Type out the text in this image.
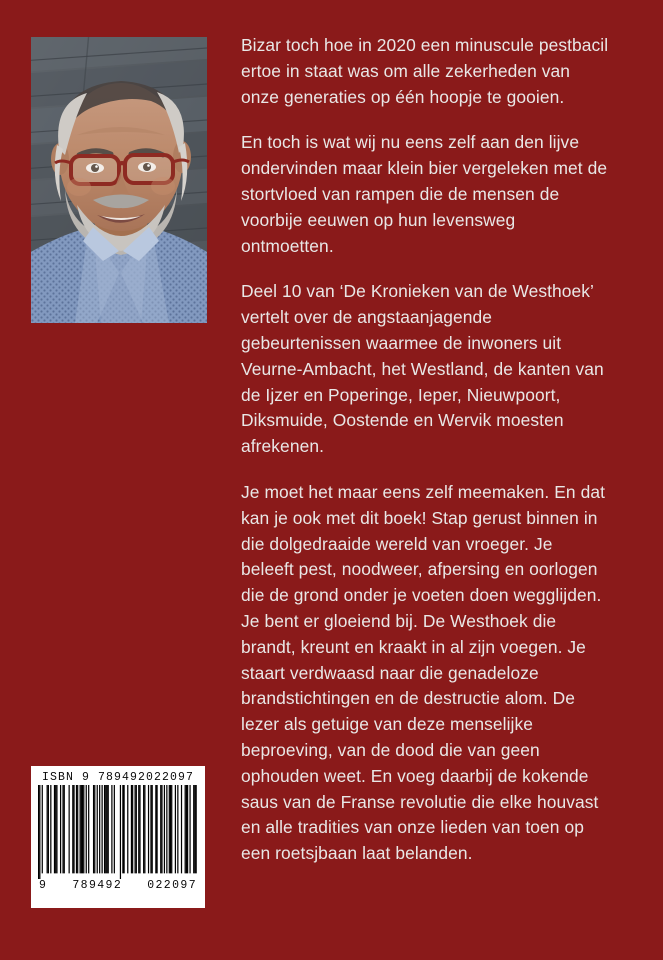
Bizar toch hoe in 2020 een minuscule pestbacil ertoe in staat was om alle zekerheden van onze generaties op één hoopje te gooien.

En toch is wat wij nu eens zelf aan den lijve ondervinden maar klein bier vergeleken met de stortvloed van rampen die de mensen de voorbije eeuwen op hun levensweg ontmoetten.

Deel 10 van ‘De Kronieken van de Westhoek’ vertelt over de angstaanjagende gebeurtenissen waarmee de inwoners uit Veurne-Ambacht, het Westland, de kanten van de Ijzer en Poperinge, Ieper, Nieuwpoort, Diksmuide, Oostende en Wervik moesten afrekenen.

Je moet het maar eens zelf meemaken. En dat kan je ook met dit boek! Stap gerust binnen in die dolgedraaide wereld van vroeger. Je beleeft pest, noodweer, afpersing en oorlogen die de grond onder je voeten doen wegglijden. Je bent er gloeiend bij. De Westhoek die brandt, kreunt en kraakt in al zijn voegen. Je staart verdwaasd naar die genadeloze brandstichtingen en de destructie alom. De lezer als getuige van deze menselijke beproeving, van de dood die van geen ophouden weet. En voeg daarbij de kokende saus van de Franse revolutie die elke houvast en alle tradities van onze lieden van toen op een roetsjbaan laat belanden.

ISBN 9 789492022097
9 789492 022097
